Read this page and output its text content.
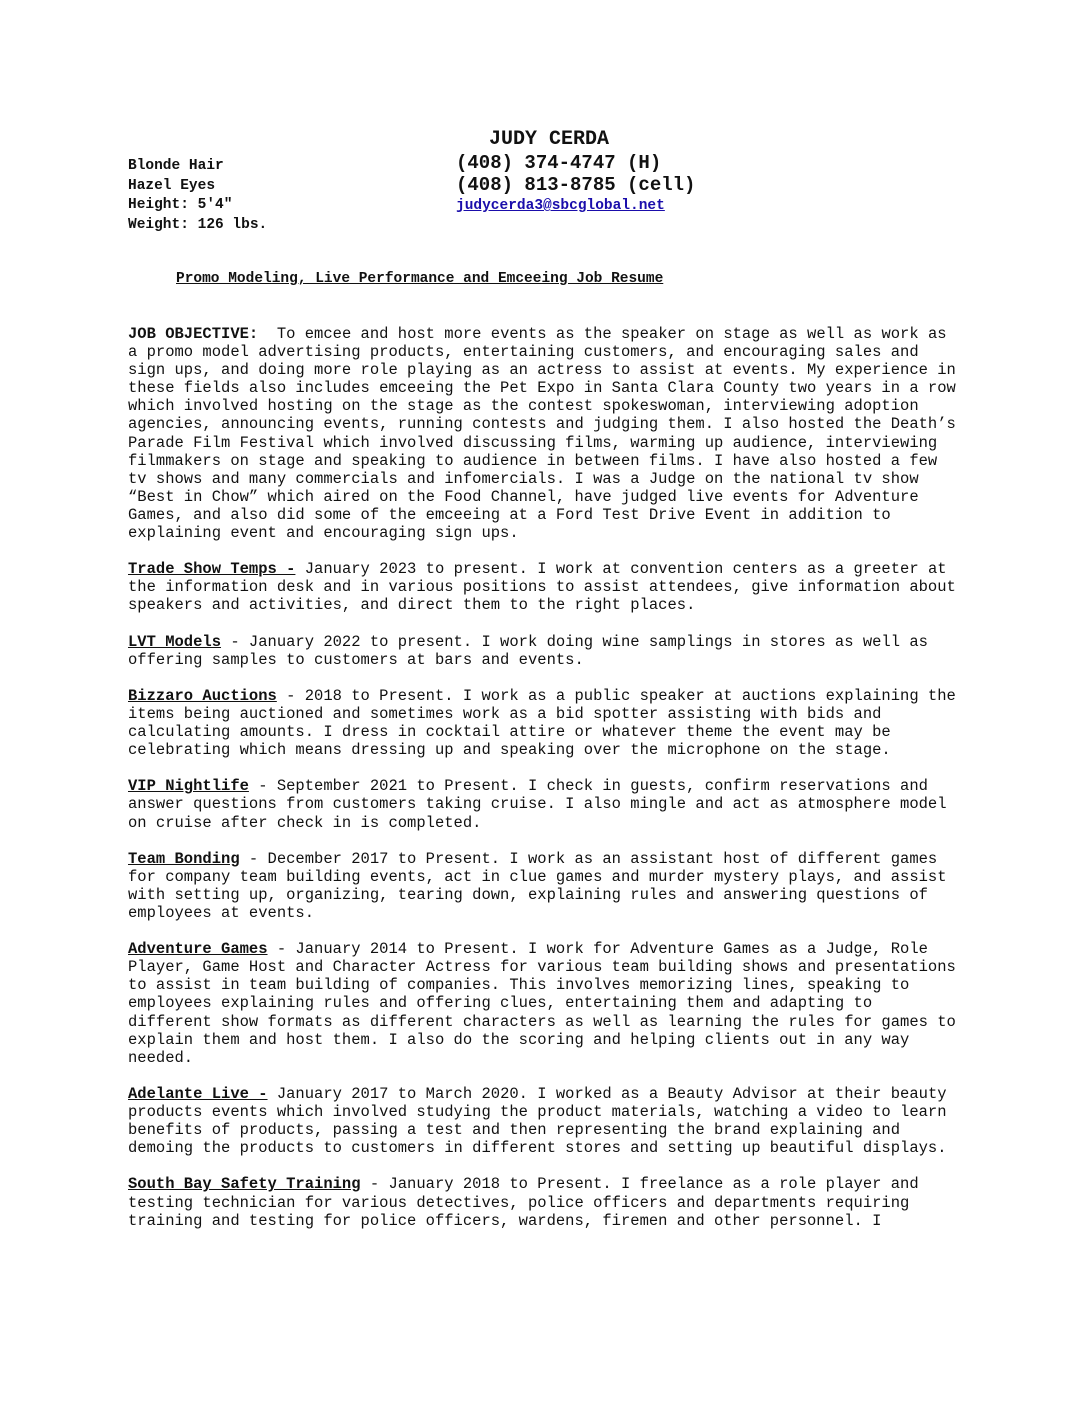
JUDY CERDA
Blonde Hair
Hazel Eyes
Height: 5'4"
Weight: 126 lbs.
(408) 374-4747 (H)
(408) 813-8785 (cell)
judycerda3@sbcglobal.net
Promo Modeling, Live Performance and Emceeing Job Resume

JOB OBJECTIVE: To emcee and host more events as the speaker on stage as well as work as a promo model advertising products, entertaining customers, and encouraging sales and sign ups, and doing more role playing as an actress to assist at events. My experience in these fields also includes emceeing the Pet Expo in Santa Clara County two years in a row which involved hosting on the stage as the contest spokeswoman, interviewing adoption agencies, announcing events, running contests and judging them. I also hosted the Death’s Parade Film Festival which involved discussing films, warming up audience, interviewing filmmakers on stage and speaking to audience in between films. I have also hosted a few tv shows and many commercials and infomercials. I was a Judge on the national tv show “Best in Chow” which aired on the Food Channel, have judged live events for Adventure Games, and also did some of the emceeing at a Ford Test Drive Event in addition to explaining event and encouraging sign ups.

Trade Show Temps - January 2023 to present. I work at convention centers as a greeter at the information desk and in various positions to assist attendees, give information about speakers and activities, and direct them to the right places.

LVT Models - January 2022 to present. I work doing wine samplings in stores as well as offering samples to customers at bars and events.

Bizzaro Auctions - 2018 to Present. I work as a public speaker at auctions explaining the items being auctioned and sometimes work as a bid spotter assisting with bids and calculating amounts. I dress in cocktail attire or whatever theme the event may be celebrating which means dressing up and speaking over the microphone on the stage.

VIP Nightlife - September 2021 to Present. I check in guests, confirm reservations and answer questions from customers taking cruise. I also mingle and act as atmosphere model on cruise after check in is completed.

Team Bonding - December 2017 to Present. I work as an assistant host of different games for company team building events, act in clue games and murder mystery plays, and assist with setting up, organizing, tearing down, explaining rules and answering questions of employees at events.

Adventure Games - January 2014 to Present. I work for Adventure Games as a Judge, Role Player, Game Host and Character Actress for various team building shows and presentations to assist in team building of companies. This involves memorizing lines, speaking to employees explaining rules and offering clues, entertaining them and adapting to different show formats as different characters as well as learning the rules for games to explain them and host them. I also do the scoring and helping clients out in any way needed.

Adelante Live - January 2017 to March 2020. I worked as a Beauty Advisor at their beauty products events which involved studying the product materials, watching a video to learn benefits of products, passing a test and then representing the brand explaining and demoing the products to customers in different stores and setting up beautiful displays.

South Bay Safety Training - January 2018 to Present. I freelance as a role player and testing technician for various detectives, police officers and departments requiring training and testing for police officers, wardens, firemen and other personnel. I
